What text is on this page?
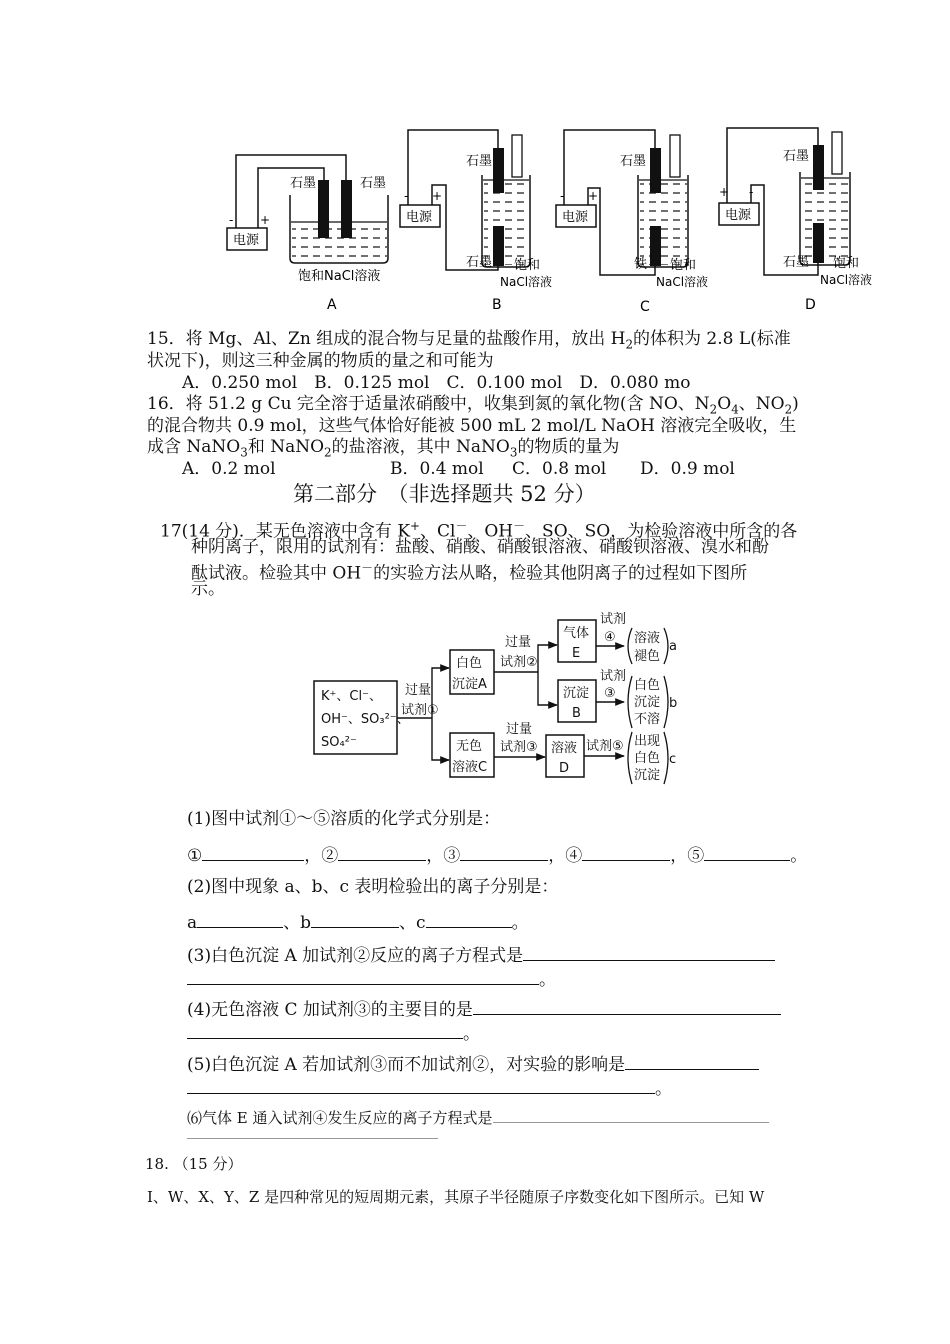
电源
- +
石墨	石墨
饱和NaCl溶液
A
电源
- +
石墨
石墨 饱和
NaCl溶液
B
电源
- +
石墨
铁 饱和
NaCl溶液
C
电源
+ -
石墨
石墨 饱和
NaCl溶液
D
15．将 Mg、Al、Zn 组成的混合物与足量的盐酸作用，放出 $H_2$的体积为 2.8 L(标准
状况下)，则这三种金属的物质的量之和可能为
A．0.250 mol　B．0.125 mol　C．0.100 mol　D．0.080 mo
16．将 51.2 g Cu 完全溶于适量浓硝酸中，收集到氮的氧化物(含 NO、$N_2O_4$、$NO_2$)
的混合物共 0.9 mol，这些气体恰好能被 500 mL 2 mol/L NaOH 溶液完全吸收，生
成含 NaNO$_3$和 NaNO$_2$的盐溶液，其中 NaNO$_3$的物质的量为
A．0.2 mol	B．0.4 mol C．0.8 mol D．0.9 mol
第二部分　（非选择题共 52 分）
17(14 分)．某无色溶液中含有 K+、Cl－、OH－、SO、SO，为检验溶液中所含的各
种阴离子，限用的试剂有：盐酸、硝酸、硝酸银溶液、硝酸钡溶液、溴水和酚
酞试液。检验其中 OH－的实验方法从略，检验其他阴离子的过程如下图所
示。
K⁺、Cl⁻、
OH⁻、SO₃²⁻、
SO₄²⁻
过量
试剂①
白色
沉淀A
无色
溶液C
过量
试剂②
气体
E
沉淀
B
过量
试剂③ 溶液
D
试剂
④
试剂
③
试剂⑤
溶液
褪色
a
白色
沉淀
不溶
b
出现
白色
沉淀
c
(1)图中试剂①～⑤溶质的化学式分别是：
①	，②	，③	，④	，⑤	。
(2)图中现象 a、b、c 表明检验出的离子分别是：
a	、b	、c	。
(3)白色沉淀 A 加试剂②反应的离子方程式是
。
(4)无色溶液 C 加试剂③的主要目的是
。
(5)白色沉淀 A 若加试剂③而不加试剂②，对实验的影响是
。
⑹气体 E 通入试剂④发生反应的离子方程式是
18. （15 分）
Ⅰ、W、X、Y、Z 是四种常见的短周期元素，其原子半径随原子序数变化如下图所示。已知 W
